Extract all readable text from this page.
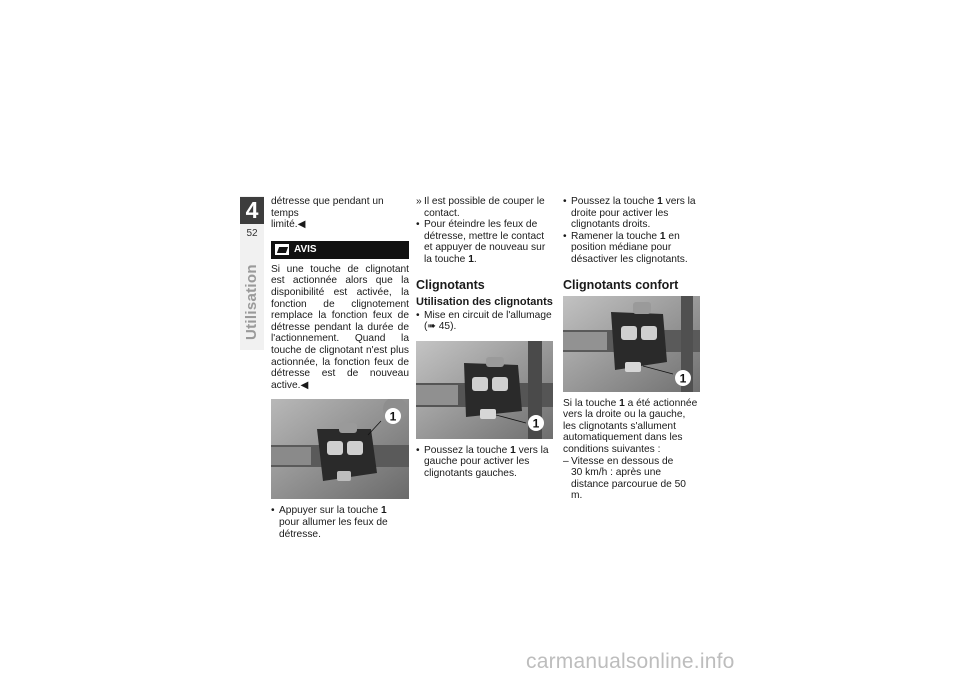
4
52
Utilisation

détresse que pendant un temps
limité.◀

AVIS

Si une touche de clignotant est actionnée alors que la disponibilité est activée, la fonction de clignotement remplace la fonction feux de détresse pendant la durée de l'actionnement. Quand la touche de clignotant n'est plus actionnée, la fonction feux de détresse est de nouveau active.◀

1

• Appuyer sur la touche 1 pour allumer les feux de détresse.

» Il est possible de couper le contact.

• Pour éteindre les feux de détresse, mettre le contact et appuyer de nouveau sur la touche 1.

Clignotants
Utilisation des clignotants

• Mise en circuit de l'allumage
(➠ 45).

1

• Poussez la touche 1 vers la gauche pour activer les clignotants gauches.

• Poussez la touche 1 vers la droite pour activer les clignotants droits.

• Ramener la touche 1 en position médiane pour désactiver les clignotants.

Clignotants confort
1

Si la touche 1 a été actionnée vers la droite ou la gauche, les clignotants s'allument automatiquement dans les conditions suivantes :

– Vitesse en dessous de
30 km/h : après une distance parcourue de 50 m.

carmanualsonline.info
